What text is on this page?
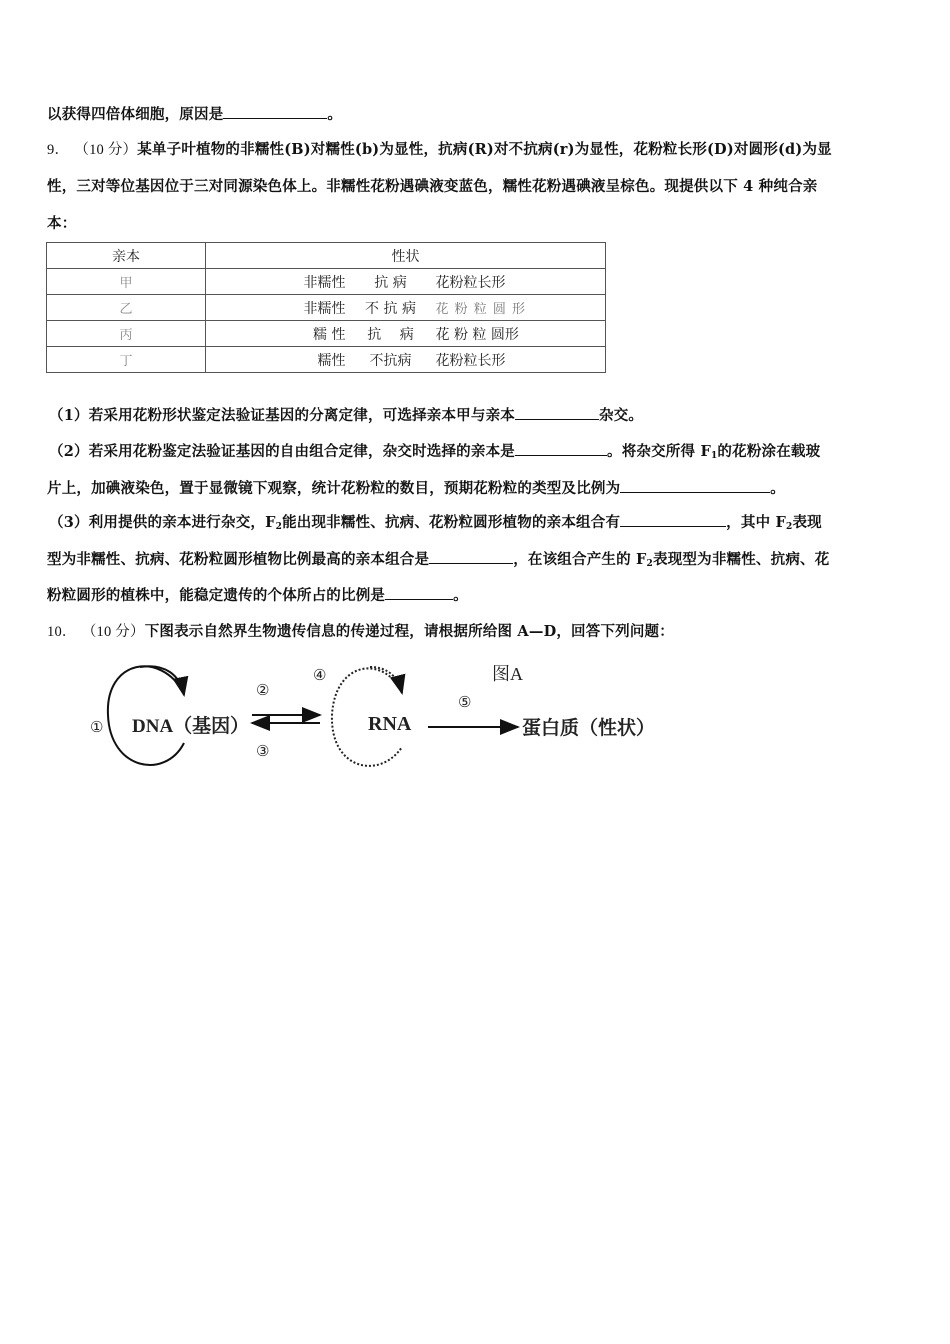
以获得四倍体细胞，原因是	。
9． （10 分）某单子叶植物的非糯性(B)对糯性(b)为显性，抗病(R)对不抗病(r)为显性，花粉粒长形(D)对圆形(d)为显
性，三对等位基因位于三对同源染色体上。非糯性花粉遇碘液变蓝色，糯性花粉遇碘液呈棕色。现提供以下 4 种纯合亲
本：
亲本	性状
甲	非糯性 抗 病 花粉粒长形

乙	非糯性 不 抗 病 花 粉 粒 圆 形

丙	糯 性 抗　 病 花 粉 粒 圆形

丁	糯性 不抗病 花粉粒长形
（1）若采用花粉形状鉴定法验证基因的分离定律，可选择亲本甲与亲本	杂交。
（2）若采用花粉鉴定法验证基因的自由组合定律，杂交时选择的亲本是	。将杂交所得 $F_1$的花粉涂在载玻
片上，加碘液染色，置于显微镜下观察，统计花粉粒的数目，预期花粉粒的类型及比例为	。
（3）利用提供的亲本进行杂交，$F_2$能出现非糯性、抗病、花粉粒圆形植物的亲本组合有	，其中 $F_2$表现
型为非糯性、抗病、花粉粒圆形植物比例最高的亲本组合是	，在该组合产生的 $F_2$表现型为非糯性、抗病、花
粉粒圆形的植株中，能稳定遗传的个体所占的比例是	。
10． （10 分）下图表示自然界生物遗传信息的传递过程，请根据所给图 A—D，回答下列问题：
① DNA（基因）
②
③
④
RNA
⑤
图A
蛋白质（性状）
